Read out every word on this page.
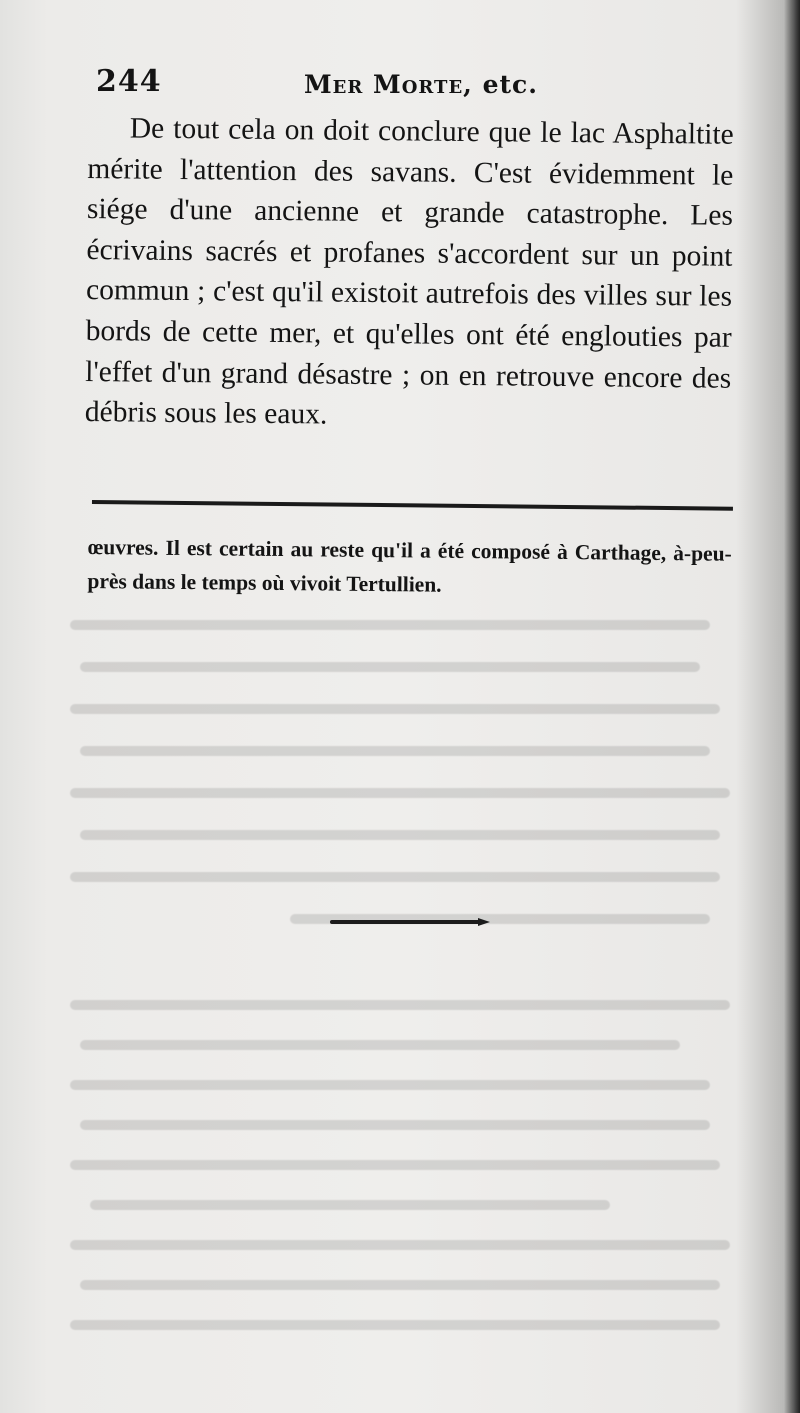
244	Mer Morte, etc.

De tout cela on doit conclure que le lac Asphaltite mérite l'attention des savans. C'est évidemment le siége d'une ancienne et grande catastrophe. Les écrivains sacrés et profanes s'accordent sur un point commun ; c'est qu'il existoit autrefois des villes sur les bords de cette mer, et qu'elles ont été englouties par l'effet d'un grand désastre ; on en retrouve encore des débris sous les eaux.

œuvres. Il est certain au reste qu'il a été composé à Carthage, à-peu-près dans le temps où vivoit Tertullien.
